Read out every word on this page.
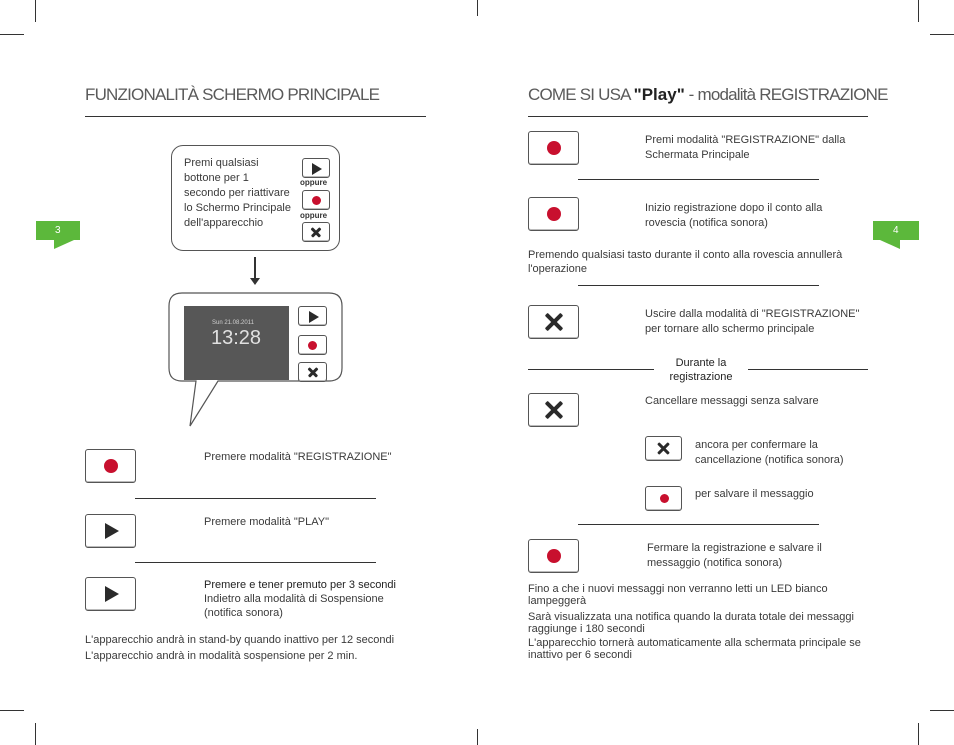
3	4
FUNZIONALITÀ SCHERMO PRINCIPALE
Premi qualsiasi
bottone per 1
secondo per riattivare
lo Schermo Principale
dell'apparecchio
oppure
oppure
Sun 21.08.2011
13:28
Premere modalità "REGISTRAZIONE"
Premere modalità "PLAY"
Premere e tener premuto per 3 secondi
Indietro alla modalità di Sospensione
(notifica sonora)
L'apparecchio andrà in stand-by quando inattivo per 12 secondi
L'apparecchio andrà in modalità sospensione per 2 min.
COME SI USA "Play" - modalità REGISTRAZIONE
Premi modalità "REGISTRAZIONE" dalla
Schermata Principale
Inizio registrazione dopo il conto alla
rovescia (notifica sonora)
Premendo qualsiasi tasto durante il conto alla rovescia annullerà
l'operazione
Uscire dalla modalità di "REGISTRAZIONE"
per tornare allo schermo principale
Durante la
registrazione
Cancellare messaggi senza salvare
ancora per confermare la
cancellazione (notifica sonora)
per salvare il messaggio
Fermare la registrazione e salvare il
messaggio (notifica sonora)
Fino a che i nuovi messaggi non verranno letti un LED bianco
lampeggerà
Sarà visualizzata una notifica quando la durata totale dei messaggi
raggiunge i 180 secondi
L'apparecchio tornerà automaticamente alla schermata principale se
inattivo per 6 secondi
